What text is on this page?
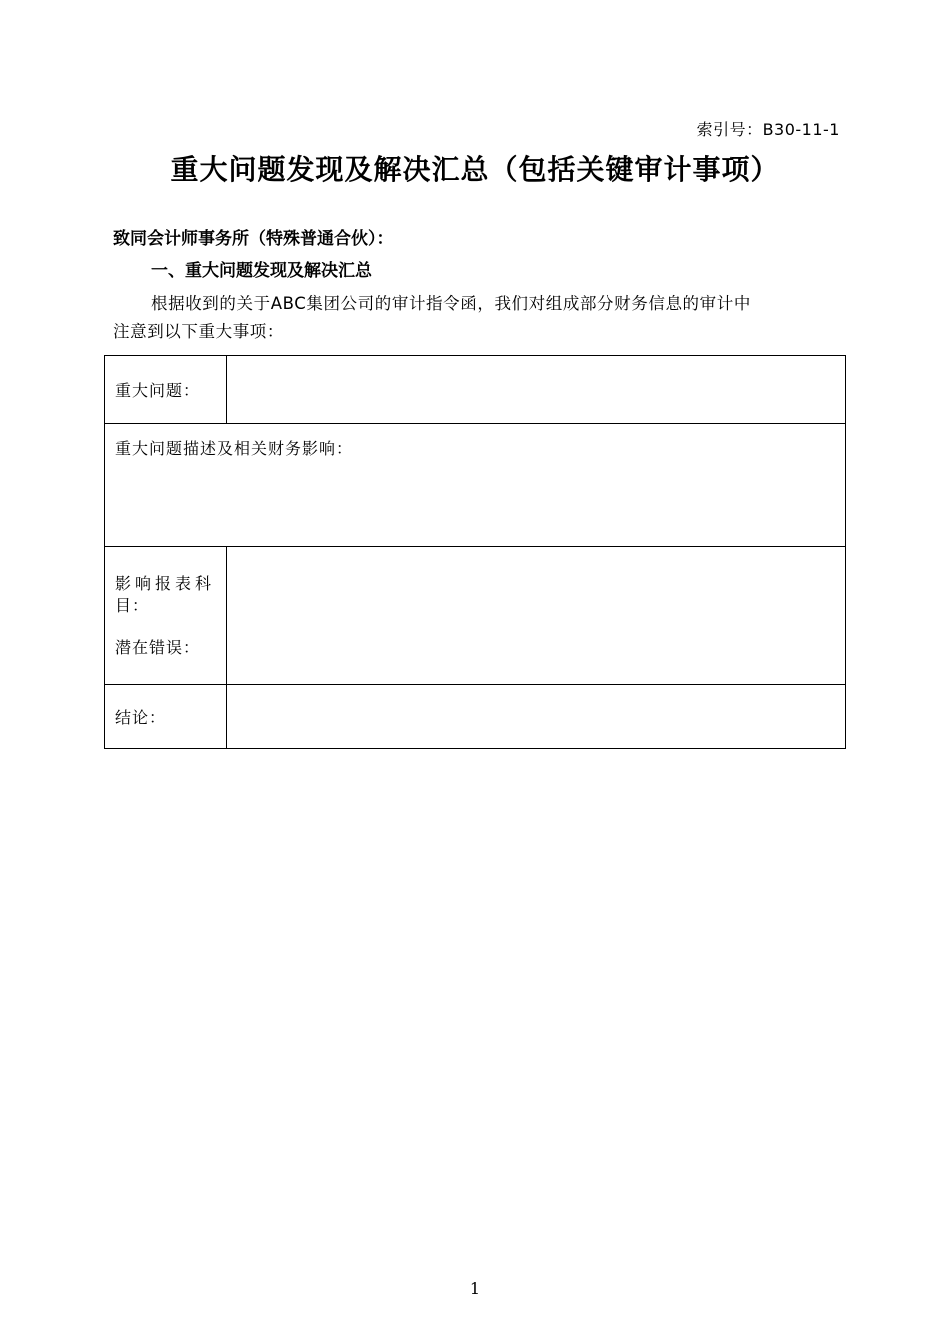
索引号：B30-11-1
重大问题发现及解决汇总（包括关键审计事项）
致同会计师事务所（特殊普通合伙）：
一、重大问题发现及解决汇总
根据收到的关于ABC集团公司的审计指令函，我们对组成部分财务信息的审计中
注意到以下重大事项：
重大问题：	
重大问题描述及相关财务影响：	

影响报表科
目：
潜在错误：	

结论：	
1
